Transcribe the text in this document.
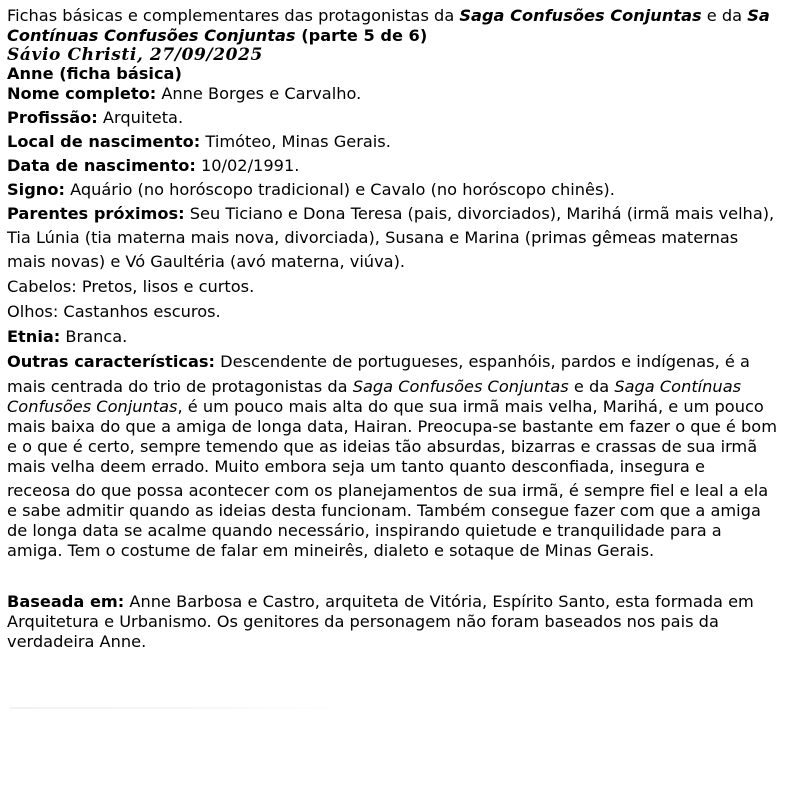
Fichas básicas e complementares das protagonistas da Saga Confusões Conjuntas e da Sa
Contínuas Confusões Conjuntas (parte 5 de 6)
Sávio Christi, 27/09/2025
Anne (ficha básica)
Nome completo: Anne Borges e Carvalho.
Profissão: Arquiteta.
Local de nascimento: Timóteo, Minas Gerais.
Data de nascimento: 10/02/1991.
Signo: Aquário (no horóscopo tradicional) e Cavalo (no horóscopo chinês).
Parentes próximos: Seu Ticiano e Dona Teresa (pais, divorciados), Marihá (irmã mais velha),
Tia Lúnia (tia materna mais nova, divorciada), Susana e Marina (primas gêmeas maternas
mais novas) e Vó Gaultéria (avó materna, viúva).
Cabelos: Pretos, lisos e curtos.
Olhos: Castanhos escuros.
Etnia: Branca.
Outras características: Descendente de portugueses, espanhóis, pardos e indígenas, é a
mais centrada do trio de protagonistas da Saga Confusões Conjuntas e da Saga Contínuas
Confusões Conjuntas, é um pouco mais alta do que sua irmã mais velha, Marihá, e um pouco
mais baixa do que a amiga de longa data, Hairan. Preocupa-se bastante em fazer o que é bom
e o que é certo, sempre temendo que as ideias tão absurdas, bizarras e crassas de sua irmã
mais velha deem errado. Muito embora seja um tanto quanto desconfiada, insegura e
receosa do que possa acontecer com os planejamentos de sua irmã, é sempre fiel e leal a ela
e sabe admitir quando as ideias desta funcionam. Também consegue fazer com que a amiga
de longa data se acalme quando necessário, inspirando quietude e tranquilidade para a
amiga. Tem o costume de falar em mineirês, dialeto e sotaque de Minas Gerais.
Baseada em: Anne Barbosa e Castro, arquiteta de Vitória, Espírito Santo, esta formada em
Arquitetura e Urbanismo. Os genitores da personagem não foram baseados nos pais da
verdadeira Anne.
